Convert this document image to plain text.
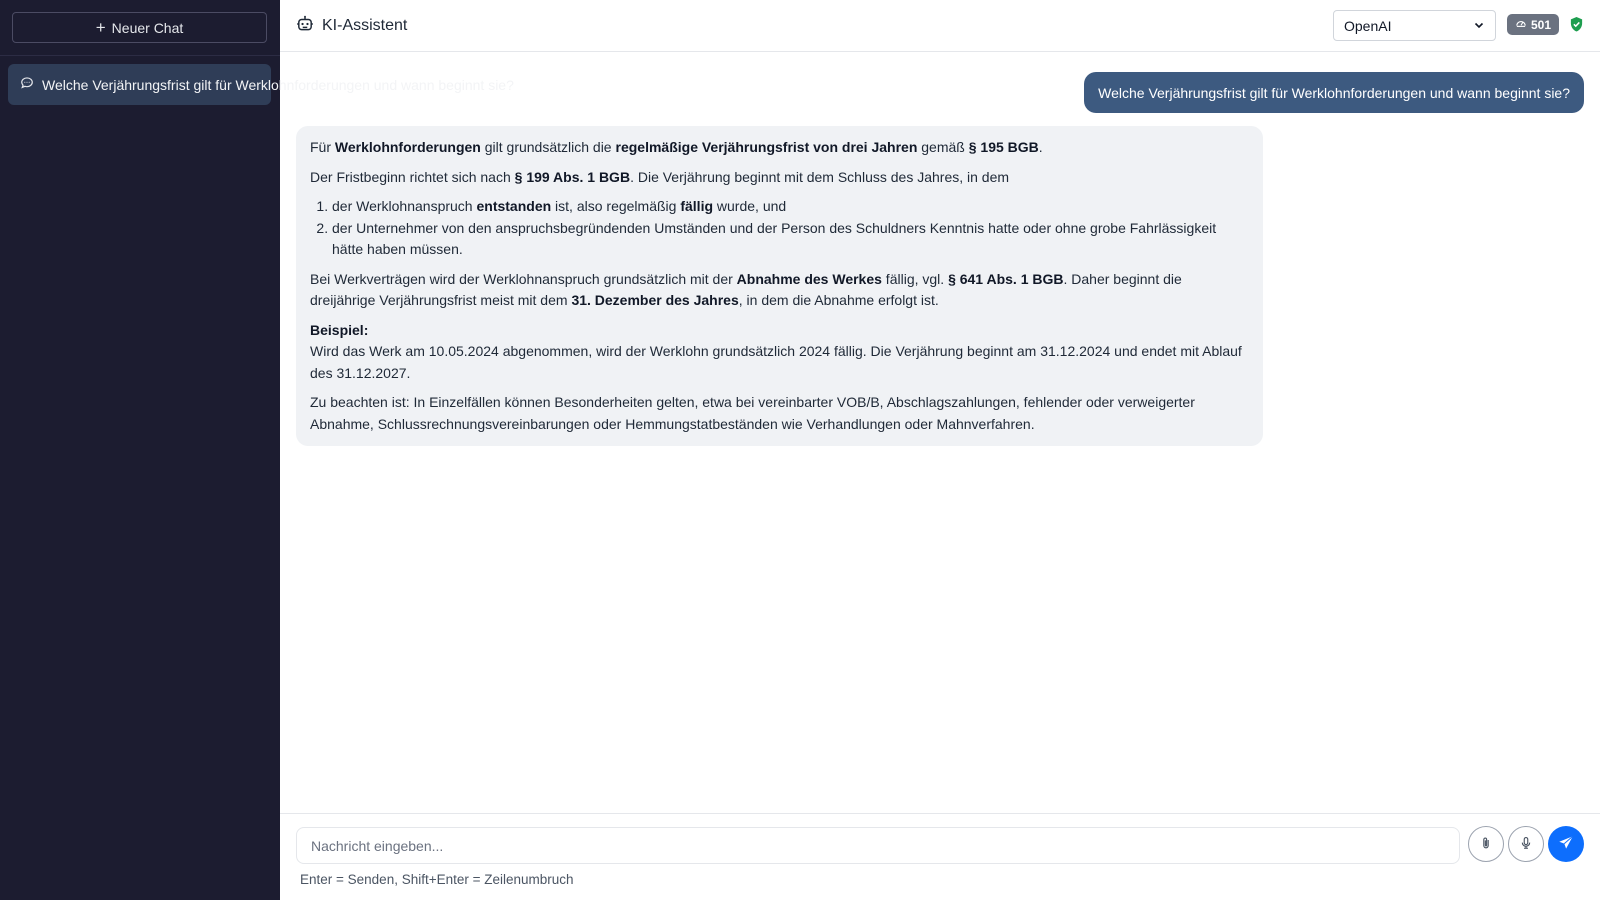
+ Neuer Chat
Welche Verjährungsfrist gilt für Werklohnforderungen und wann beginnt sie?
KI-Assistent	OpenAI	501
Welche Verjährungsfrist gilt für Werklohnforderungen und wann beginnt sie?

Für Werklohnforderungen gilt grundsätzlich die regelmäßige Verjährungsfrist von drei Jahren gemäß § 195 BGB.

Der Fristbeginn richtet sich nach § 199 Abs. 1 BGB. Die Verjährung beginnt mit dem Schluss des Jahres, in dem

1. der Werklohnanspruch entstanden ist, also regelmäßig fällig wurde, und
2. der Unternehmer von den anspruchsbegründenden Umständen und der Person des Schuldners Kenntnis hatte oder ohne grobe Fahrlässigkeit hätte haben müssen.

Bei Werkverträgen wird der Werklohnanspruch grundsätzlich mit der Abnahme des Werkes fällig, vgl. § 641 Abs. 1 BGB. Daher beginnt die dreijährige Verjährungsfrist meist mit dem 31. Dezember des Jahres, in dem die Abnahme erfolgt ist.

Beispiel:
Wird das Werk am 10.05.2024 abgenommen, wird der Werklohn grundsätzlich 2024 fällig. Die Verjährung beginnt am 31.12.2024 und endet mit Ablauf des 31.12.2027.

Zu beachten ist: In Einzelfällen können Besonderheiten gelten, etwa bei vereinbarter VOB/B, Abschlagszahlungen, fehlender oder verweigerter Abnahme, Schlussrechnungsvereinbarungen oder Hemmungstatbeständen wie Verhandlungen oder Mahnverfahren.

Nachricht eingeben...
Enter = Senden, Shift+Enter = Zeilenumbruch
